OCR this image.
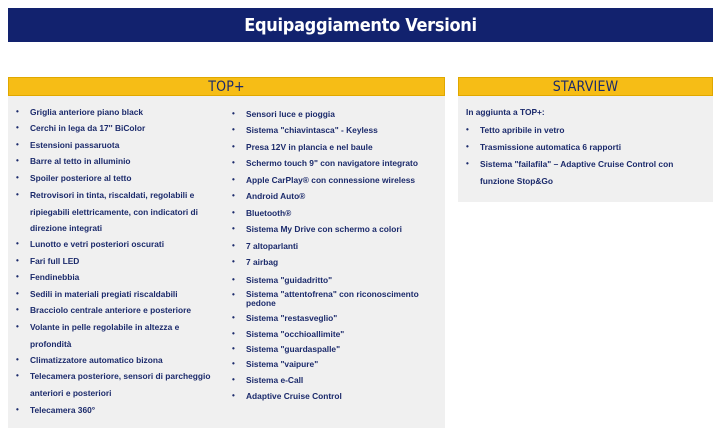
Equipaggiamento Versioni
TOP+
• Griglia anteriore piano black
• Cerchi in lega da 17'' BiColor
• Estensioni passaruota
• Barre al tetto in alluminio
• Spoiler posteriore al tetto
• Retrovisori in tinta, riscaldati, regolabili e ripiegabili elettricamente, con indicatori di direzione integrati
• Lunotto e vetri posteriori oscurati
• Fari full LED
• Fendinebbia
• Sedili in materiali pregiati riscaldabili
• Bracciolo centrale anteriore e posteriore
• Volante in pelle regolabile in altezza e profondità
• Climatizzatore automatico bizona
• Telecamera posteriore, sensori di parcheggio anteriori e posteriori
• Telecamera 360°
• Sensori luce e pioggia
• Sistema "chiavintasca" - Keyless
• Presa 12V in plancia e nel baule
• Schermo touch 9" con navigatore integrato
• Apple CarPlay® con connessione wireless
• Android Auto®
• Bluetooth®
• Sistema My Drive con schermo a colori
• 7 altoparlanti
• 7 airbag
• Sistema "guidadritto"
• Sistema "attentofrena" con riconoscimento pedone
• Sistema "restasveglio"
• Sistema "occhioallimite"
• Sistema "guardaspalle"
• Sistema "vaipure"
• Sistema e-Call
• Adaptive Cruise Control
STARVIEW
In aggiunta a TOP+:
• Tetto apribile in vetro
• Trasmissione automatica 6 rapporti
• Sistema "failafila" – Adaptive Cruise Control con funzione Stop&Go
